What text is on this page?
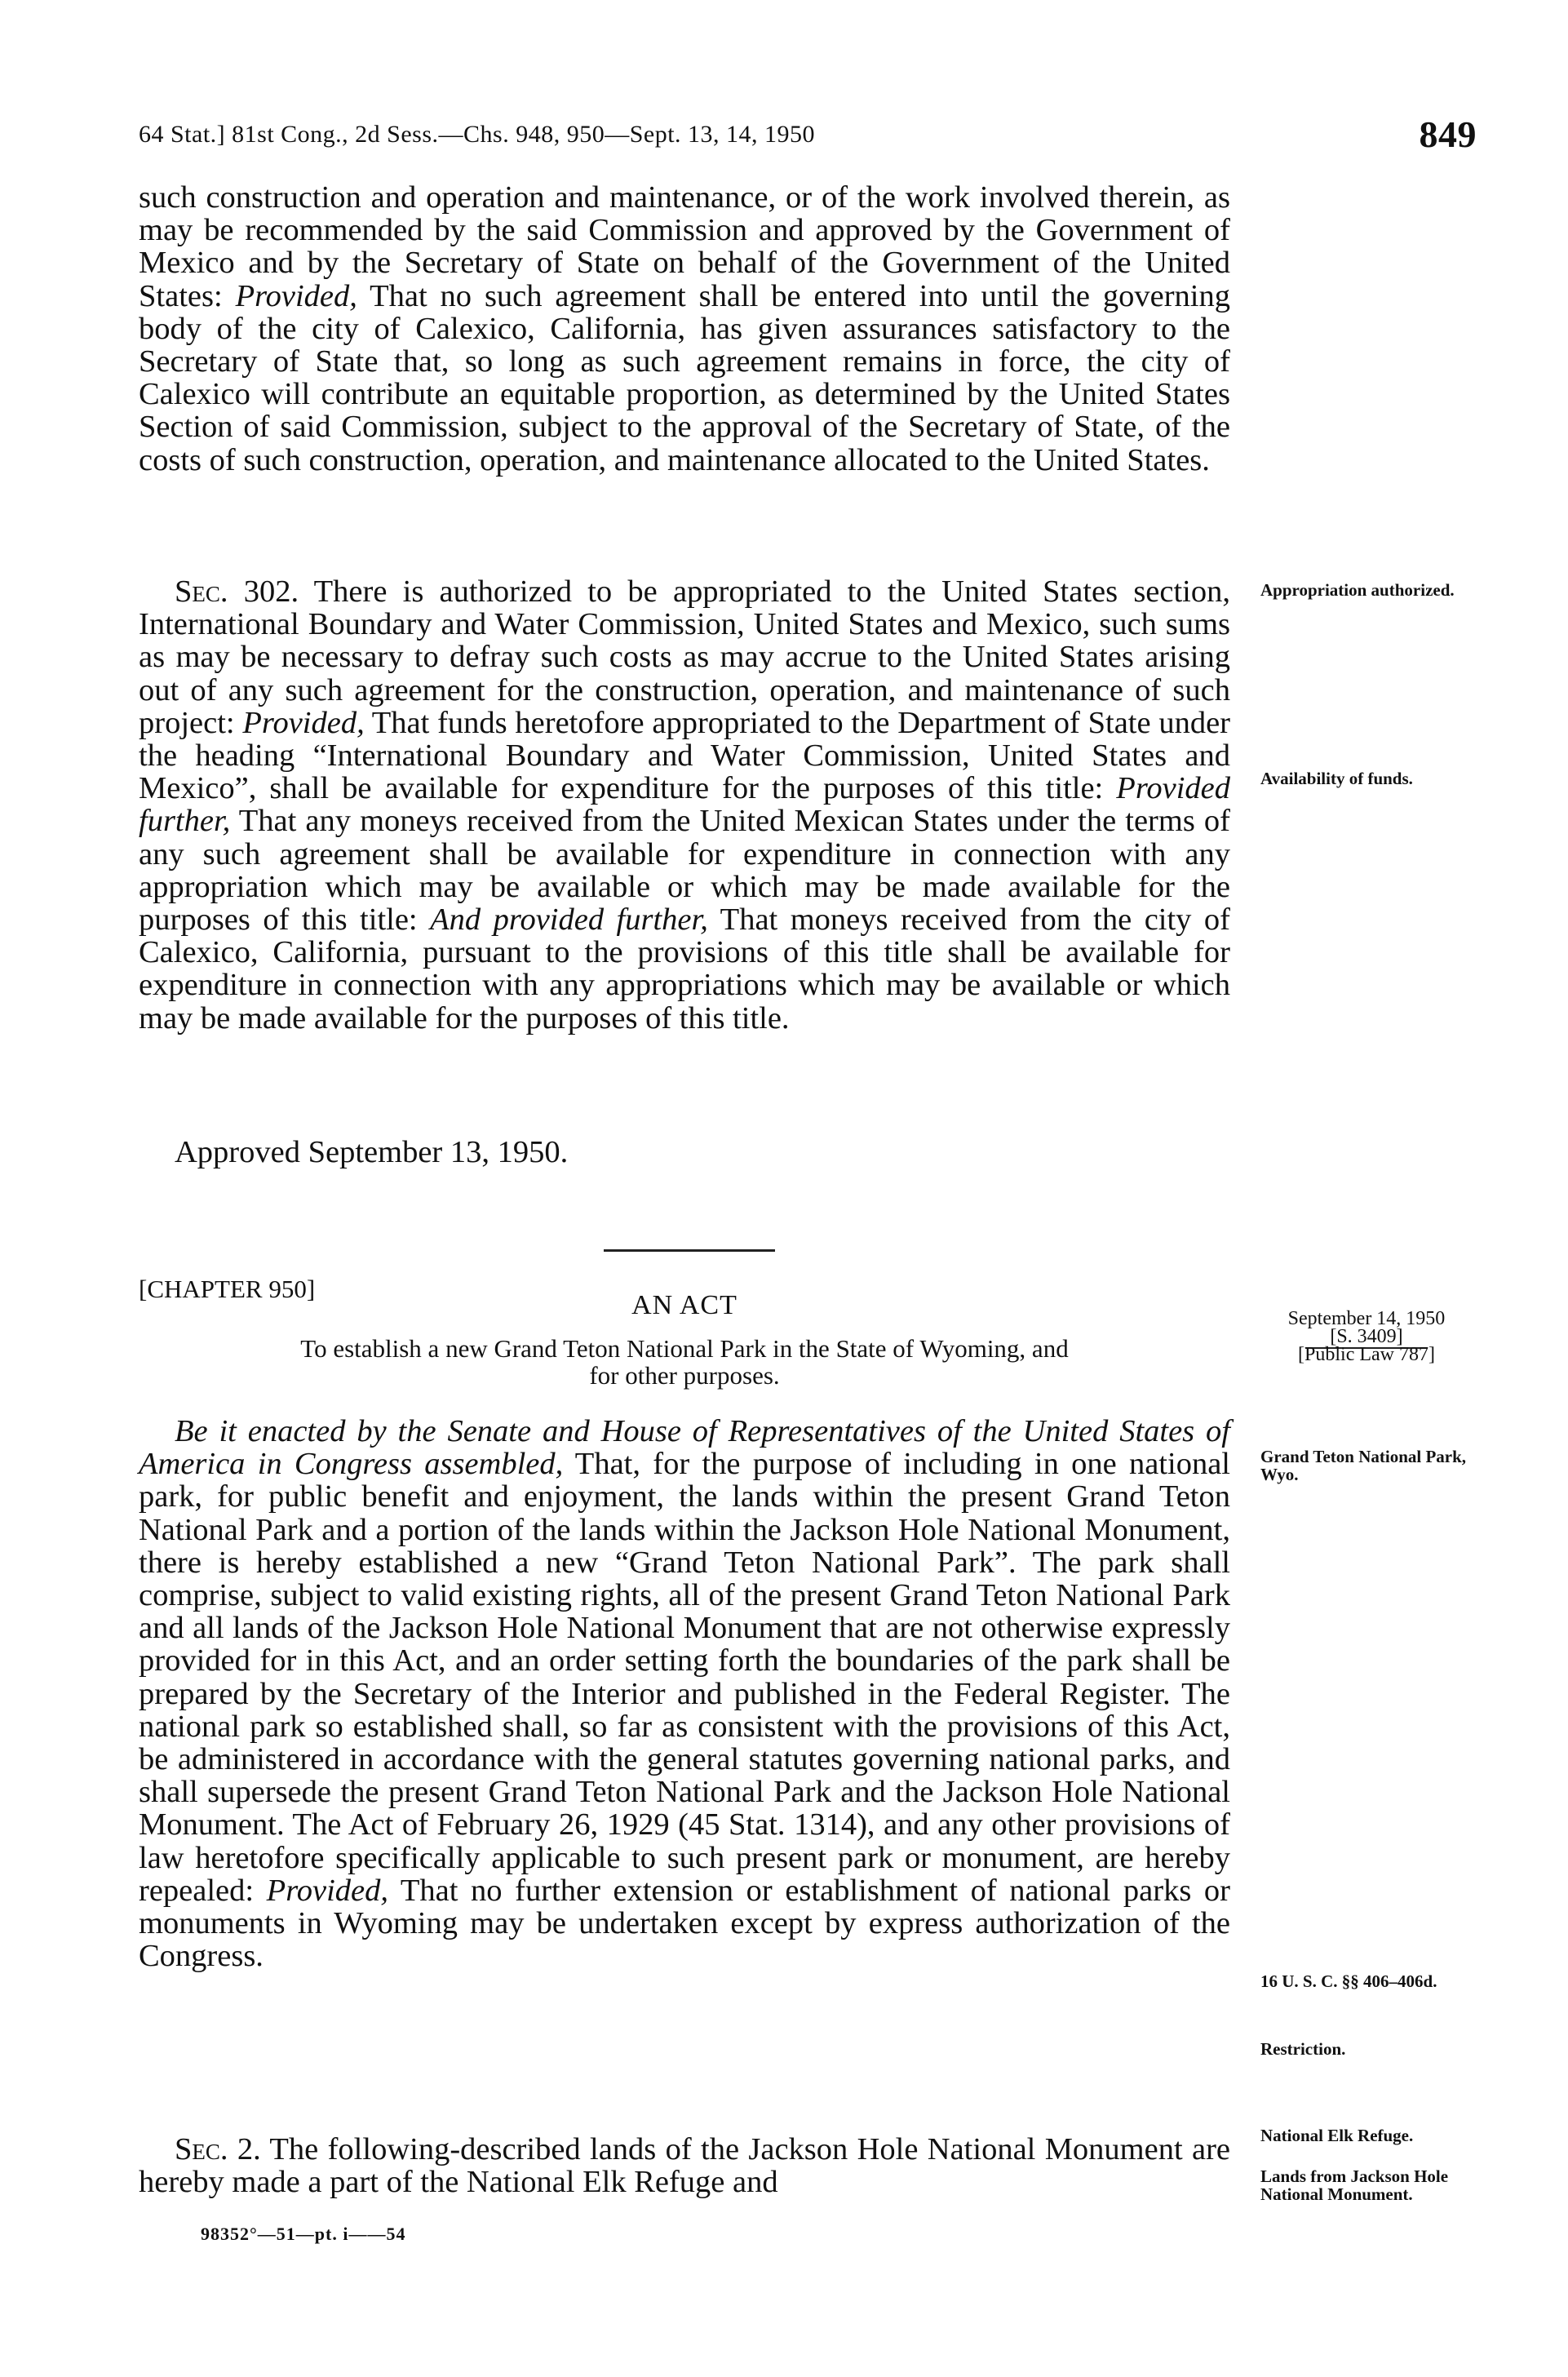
64 Stat.] 81st Cong., 2d Sess.—Chs. 948, 950—Sept. 13, 14, 1950	849

such construction and operation and maintenance, or of the work involved therein, as may be recommended by the said Commission and approved by the Government of Mexico and by the Secretary of State on behalf of the Government of the United States: Provided, That no such agreement shall be entered into until the governing body of the city of Calexico, California, has given assurances satisfactory to the Secretary of State that, so long as such agreement remains in force, the city of Calexico will contribute an equitable proportion, as determined by the United States Section of said Commission, subject to the approval of the Secretary of State, of the costs of such construction, operation, and maintenance allocated to the United States.

Sec. 302. There is authorized to be appropriated to the United States section, International Boundary and Water Commission, United States and Mexico, such sums as may be necessary to defray such costs as may accrue to the United States arising out of any such agreement for the construction, operation, and maintenance of such project: Provided, That funds heretofore appropriated to the Department of State under the heading “International Boundary and Water Commission, United States and Mexico”, shall be available for expenditure for the purposes of this title: Provided further, That any moneys received from the United Mexican States under the terms of any such agreement shall be available for expenditure in connection with any appropriation which may be available or which may be made available for the purposes of this title: And provided further, That moneys received from the city of Calexico, California, pursuant to the provisions of this title shall be available for expenditure in connection with any appropriations which may be available or which may be made available for the purposes of this title.

Approved September 13, 1950.
[CHAPTER 950]
AN ACT
To establish a new Grand Teton National Park in the State of Wyoming, and
for other purposes.

Be it enacted by the Senate and House of Representatives of the United States of America in Congress assembled, That, for the purpose of including in one national park, for public benefit and enjoyment, the lands within the present Grand Teton National Park and a portion of the lands within the Jackson Hole National Monument, there is hereby established a new “Grand Teton National Park”. The park shall comprise, subject to valid existing rights, all of the present Grand Teton National Park and all lands of the Jackson Hole National Monument that are not otherwise expressly provided for in this Act, and an order setting forth the boundaries of the park shall be prepared by the Secretary of the Interior and published in the Federal Register. The national park so established shall, so far as consistent with the provisions of this Act, be administered in accordance with the general statutes governing national parks, and shall supersede the present Grand Teton National Park and the Jackson Hole National Monument. The Act of February 26, 1929 (45 Stat. 1314), and any other provisions of law heretofore specifically applicable to such present park or monument, are hereby repealed: Provided, That no further extension or establishment of national parks or monuments in Wyoming may be undertaken except by express authorization of the Congress.

Sec. 2. The following-described lands of the Jackson Hole National Monument are hereby made a part of the National Elk Refuge and

Appropriation authorized.
Availability of funds.
September 14, 1950
[S. 3409]
[Public Law 787]
Grand Teton National Park, Wyo.
16 U. S. C. §§ 406–406d.
Restriction.
National Elk Refuge.
Lands from Jackson Hole National Monument.
98352°—51—pt. i——54
